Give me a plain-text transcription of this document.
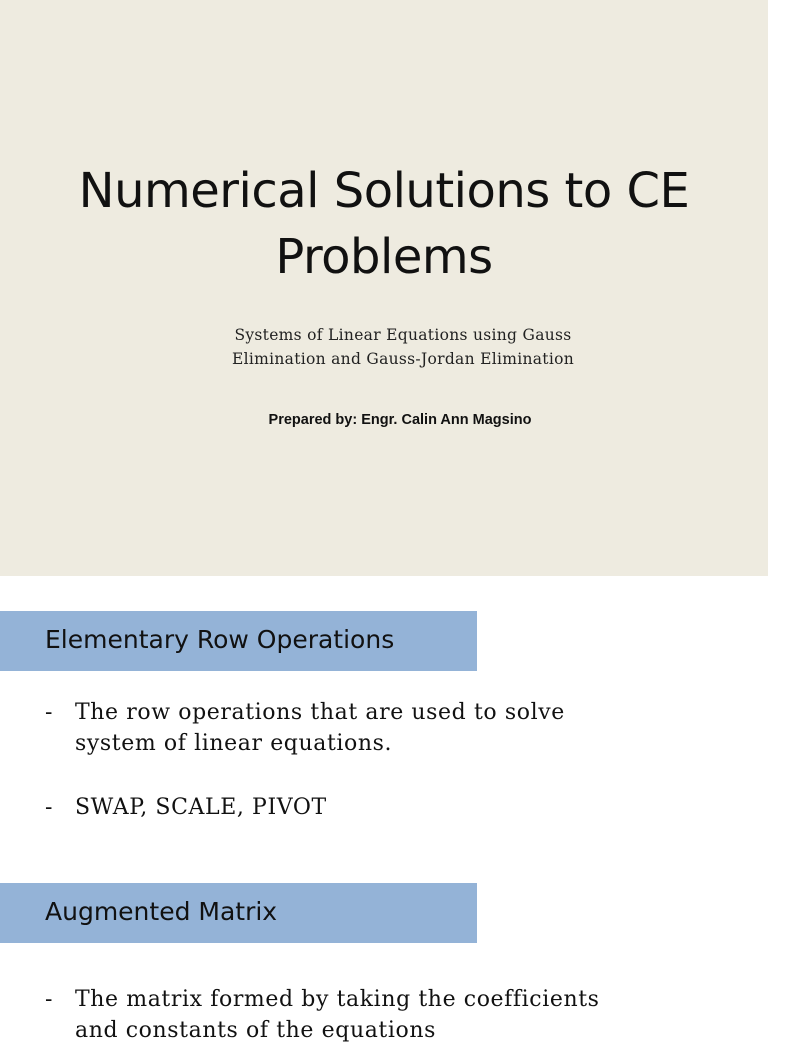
Numerical Solutions to CE Problems

Systems of Linear Equations using Gauss Elimination and Gauss-Jordan Elimination

Prepared by: Engr. Calin Ann Magsino

Elementary Row Operations
- The row operations that are used to solve system of linear equations.
- SWAP, SCALE, PIVOT
Augmented Matrix
- The matrix formed by taking the coefficients and constants of the equations
